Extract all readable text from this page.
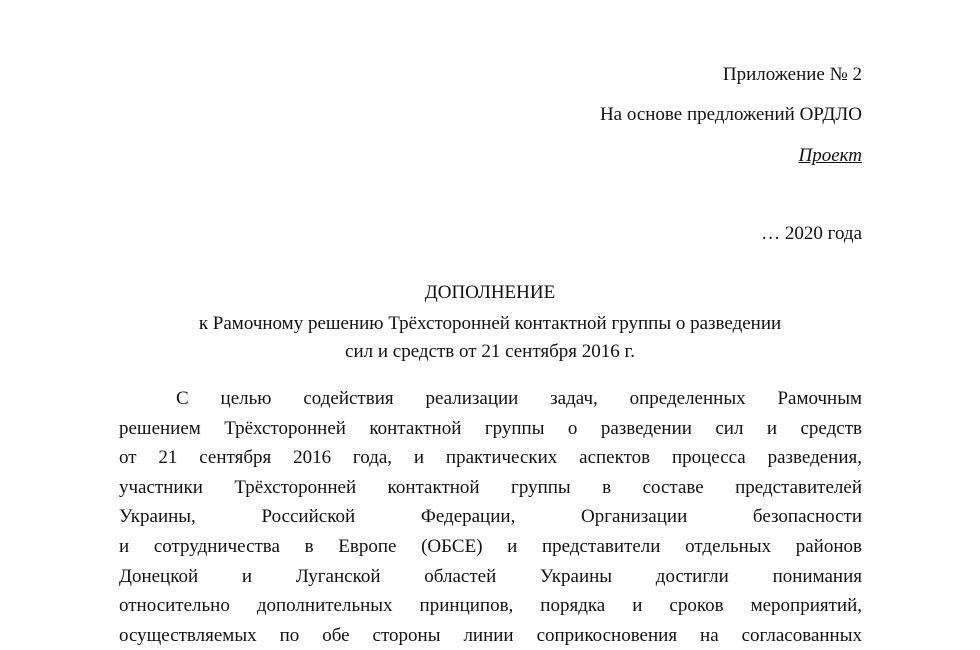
Приложение № 2
На основе предложений ОРДЛО
Проект
… 2020 года
ДОПОЛНЕНИЕ
к Рамочному решению Трёхсторонней контактной группы о разведении
сил и средств от 21 сентября 2016 г.
С целью содействия реализации задач, определенных Рамочным
решением Трёхсторонней контактной группы о разведении сил и средств
от 21 сентября 2016 года, и практических аспектов процесса разведения,
участники Трёхсторонней контактной группы в составе представителей
Украины, Российской Федерации, Организации безопасности
и сотрудничества в Европе (ОБСЕ) и представители отдельных районов
Донецкой и Луганской областей Украины достигли понимания
относительно дополнительных принципов, порядка и сроков мероприятий,
осуществляемых по обе стороны линии соприкосновения на согласованных
